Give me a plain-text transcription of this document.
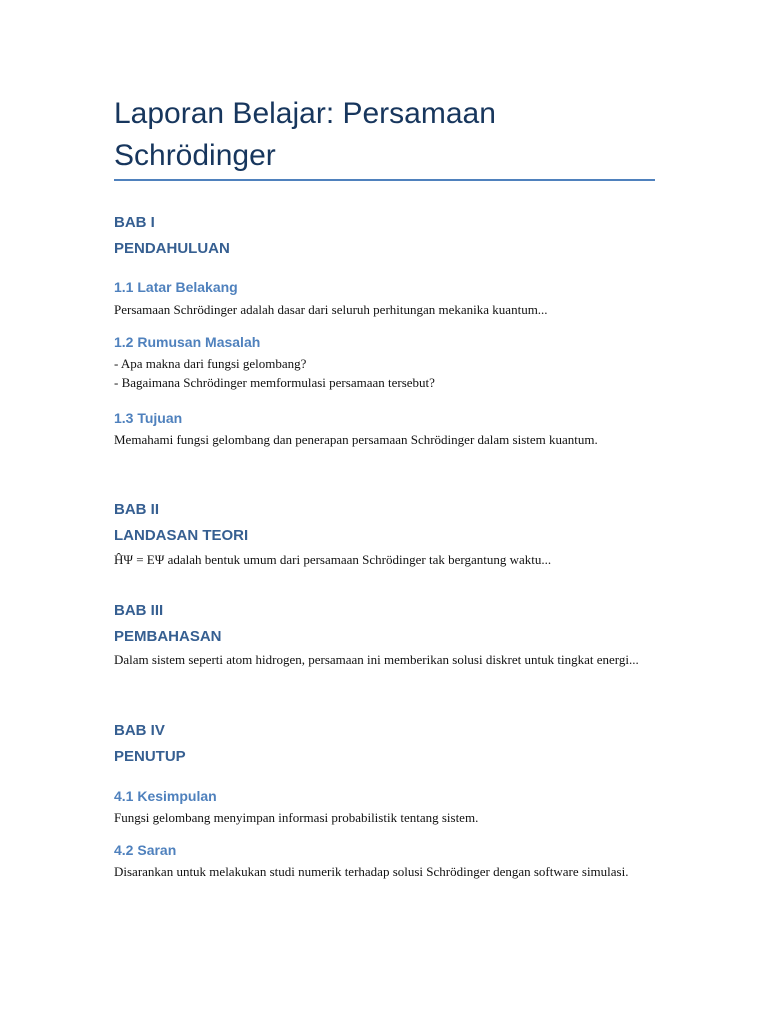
Laporan Belajar: Persamaan Schrödinger
BAB I
PENDAHULUAN
1.1 Latar Belakang
Persamaan Schrödinger adalah dasar dari seluruh perhitungan mekanika kuantum...
1.2 Rumusan Masalah
- Apa makna dari fungsi gelombang?
- Bagaimana Schrödinger memformulasi persamaan tersebut?
1.3 Tujuan
Memahami fungsi gelombang dan penerapan persamaan Schrödinger dalam sistem kuantum.
BAB II
LANDASAN TEORI
ĤΨ = EΨ adalah bentuk umum dari persamaan Schrödinger tak bergantung waktu...
BAB III
PEMBAHASAN
Dalam sistem seperti atom hidrogen, persamaan ini memberikan solusi diskret untuk tingkat energi...
BAB IV
PENUTUP
4.1 Kesimpulan
Fungsi gelombang menyimpan informasi probabilistik tentang sistem.
4.2 Saran
Disarankan untuk melakukan studi numerik terhadap solusi Schrödinger dengan software simulasi.
